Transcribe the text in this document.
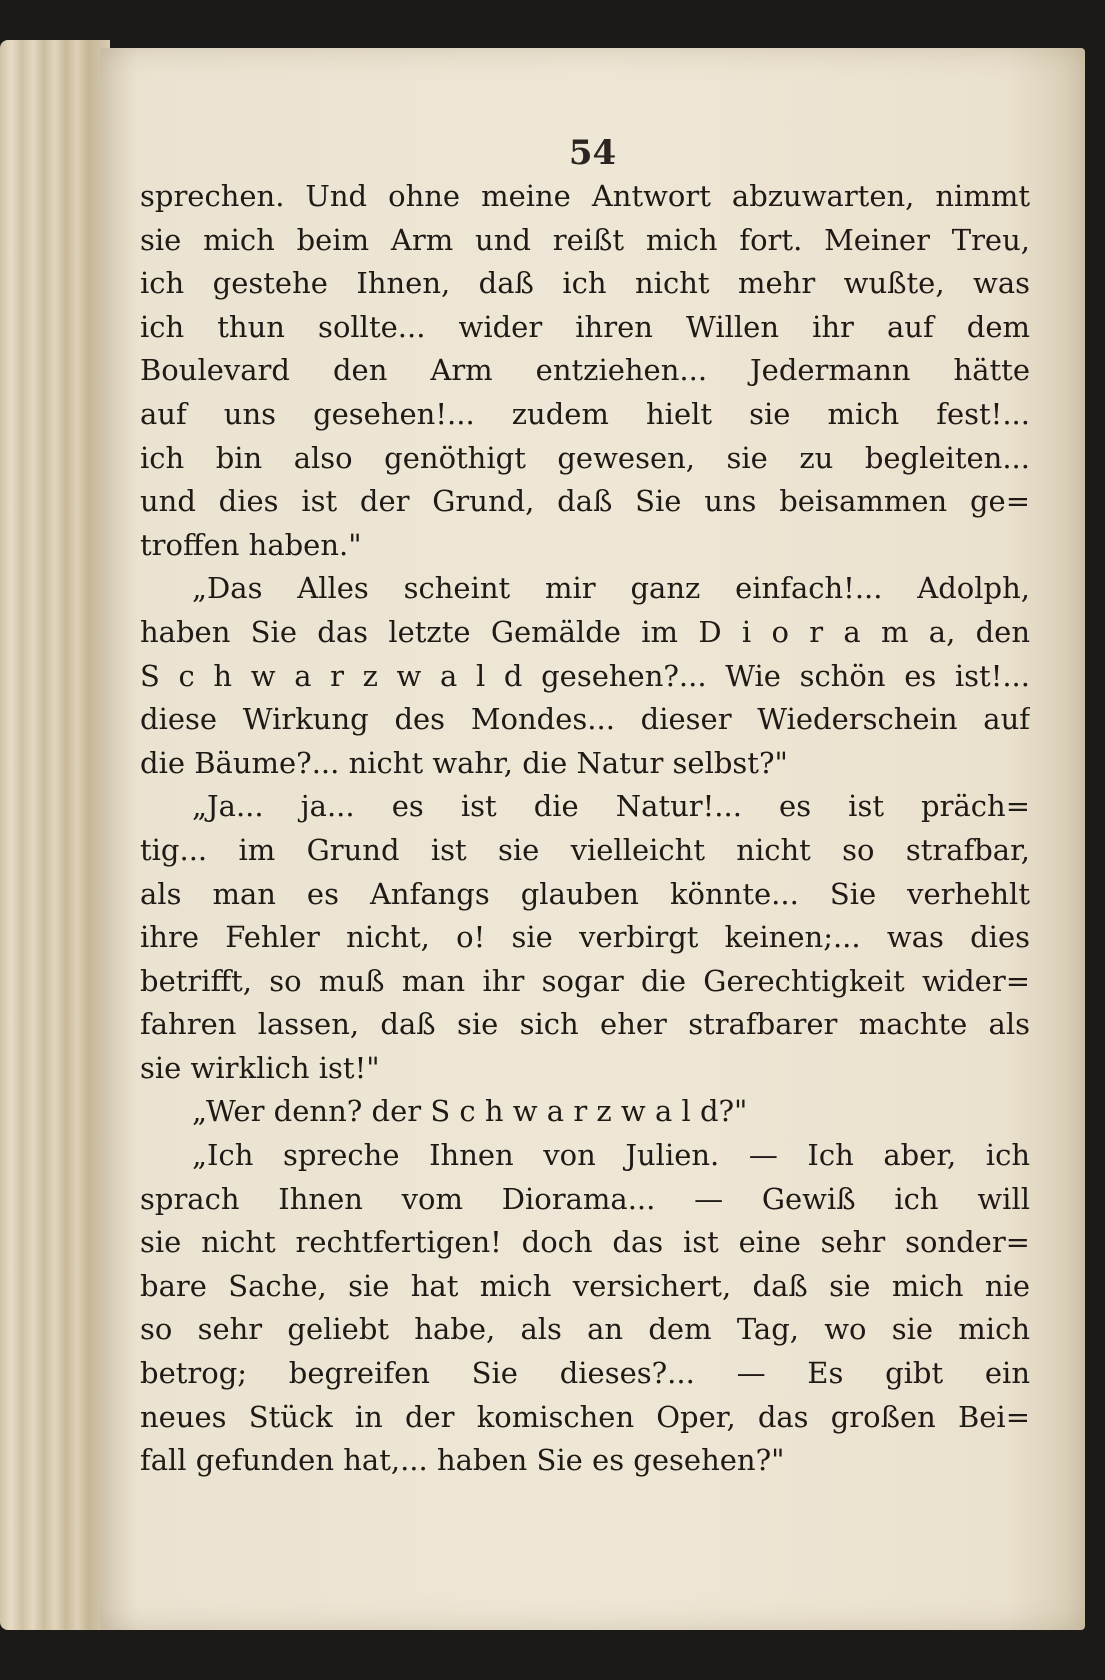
54
sprechen. Und ohne meine Antwort abzuwarten, nimmt
sie mich beim Arm und reißt mich fort. Meiner Treu,
ich gestehe Ihnen, daß ich nicht mehr wußte, was
ich thun sollte... wider ihren Willen ihr auf dem
Boulevard den Arm entziehen... Jedermann hätte
auf uns gesehen!... zudem hielt sie mich fest!...
ich bin also genöthigt gewesen, sie zu begleiten...
und dies ist der Grund, daß Sie uns beisammen ge=
troffen haben."
„Das Alles scheint mir ganz einfach!... Adolph,
haben Sie das letzte Gemälde im D i o r a m a, den
S c h w a r z w a l d gesehen?... Wie schön es ist!...
diese Wirkung des Mondes... dieser Wiederschein auf
die Bäume?... nicht wahr, die Natur selbst?"
„Ja... ja... es ist die Natur!... es ist präch=
tig... im Grund ist sie vielleicht nicht so strafbar,
als man es Anfangs glauben könnte... Sie verhehlt
ihre Fehler nicht, o! sie verbirgt keinen;... was dies
betrifft, so muß man ihr sogar die Gerechtigkeit wider=
fahren lassen, daß sie sich eher strafbarer machte als
sie wirklich ist!"
„Wer denn? der S c h w a r z w a l d?"
„Ich spreche Ihnen von Julien. — Ich aber, ich
sprach Ihnen vom Diorama... — Gewiß ich will
sie nicht rechtfertigen! doch das ist eine sehr sonder=
bare Sache, sie hat mich versichert, daß sie mich nie
so sehr geliebt habe, als an dem Tag, wo sie mich
betrog; begreifen Sie dieses?... — Es gibt ein
neues Stück in der komischen Oper, das großen Bei=
fall gefunden hat,... haben Sie es gesehen?"
